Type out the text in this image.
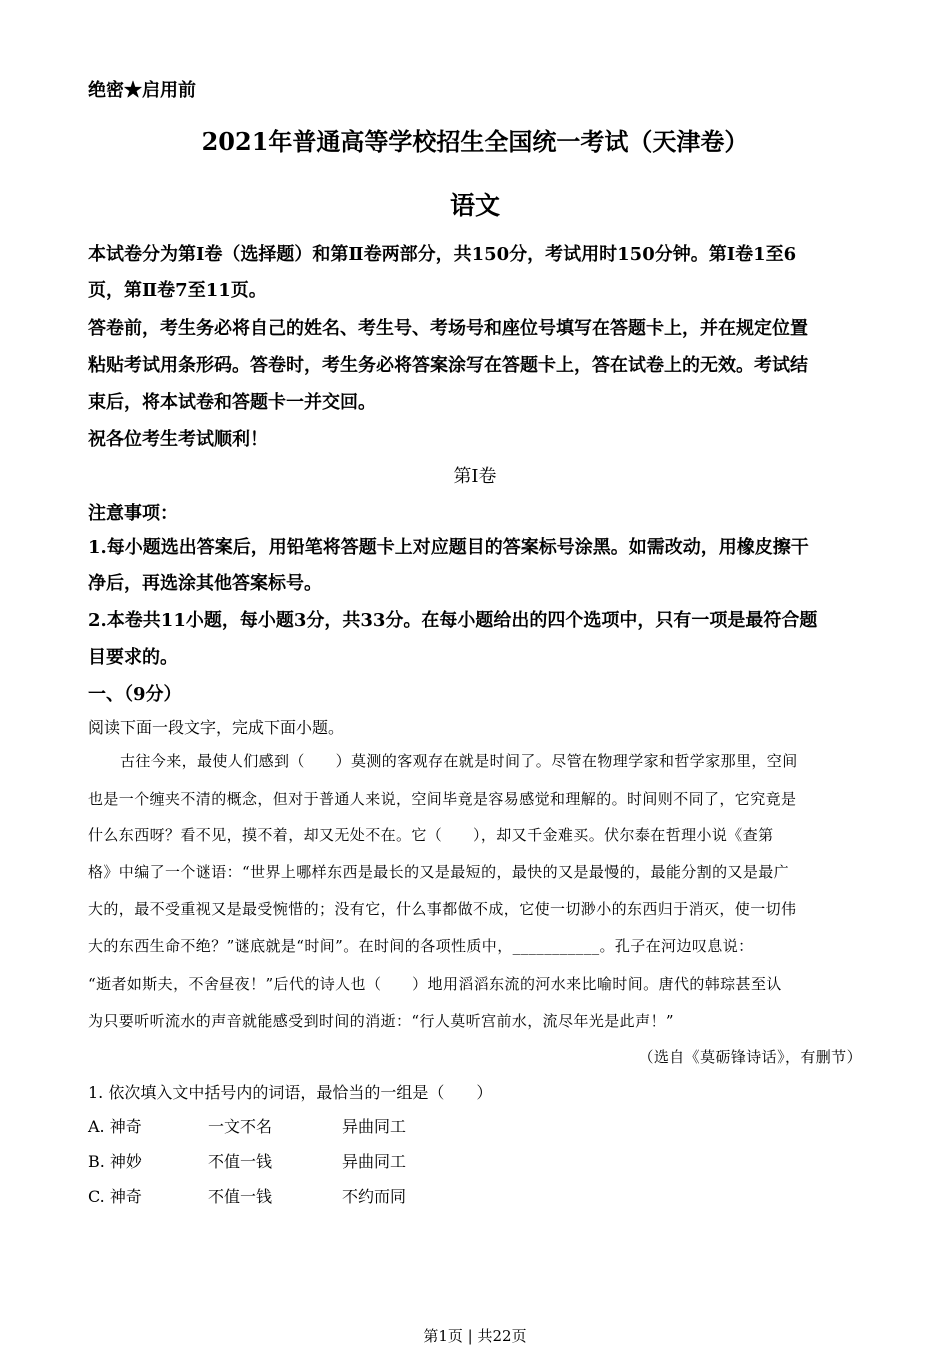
绝密★启用前
2021年普通高等学校招生全国统一考试（天津卷）
语文
本试卷分为第Ⅰ卷（选择题）和第Ⅱ卷两部分，共150分，考试用时150分钟。第Ⅰ卷1至6
页，第Ⅱ卷7至11页。
答卷前，考生务必将自己的姓名、考生号、考场号和座位号填写在答题卡上，并在规定位置
粘贴考试用条形码。答卷时，考生务必将答案涂写在答题卡上，答在试卷上的无效。考试结
束后，将本试卷和答题卡一并交回。
祝各位考生考试顺利！
第Ⅰ卷
注意事项：
1.每小题选出答案后，用铅笔将答题卡上对应题目的答案标号涂黑。如需改动，用橡皮擦干
净后，再选涂其他答案标号。
2.本卷共11小题，每小题3分，共33分。在每小题给出的四个选项中，只有一项是最符合题
目要求的。
一、（9分）
阅读下面一段文字，完成下面小题。
古往今来，最使人们感到（　　）莫测的客观存在就是时间了。尽管在物理学家和哲学家那里，空间
也是一个缠夹不清的概念，但对于普通人来说，空间毕竟是容易感觉和理解的。时间则不同了，它究竟是
什么东西呀？看不见，摸不着，却又无处不在。它（　　），却又千金难买。伏尔泰在哲理小说《查第
格》中编了一个谜语：“世界上哪样东西是最长的又是最短的，最快的又是最慢的，最能分割的又是最广
大的，最不受重视又是最受惋惜的；没有它，什么事都做不成，它使一切渺小的东西归于消灭，使一切伟
大的东西生命不绝？”谜底就是“时间”。在时间的各项性质中，___________。孔子在河边叹息说：
“逝者如斯夫，不舍昼夜！”后代的诗人也（　　）地用滔滔东流的河水来比喻时间。唐代的韩琮甚至认
为只要听听流水的声音就能感受到时间的消逝：“行人莫听宫前水，流尽年光是此声！”
（选自《莫砺锋诗话》，有删节）
1. 依次填入文中括号内的词语，最恰当的一组是（　　）
A. 神奇	一文不名	异曲同工
B. 神妙	不值一钱	异曲同工
C. 神奇	不值一钱	不约而同
第1页 | 共22页
